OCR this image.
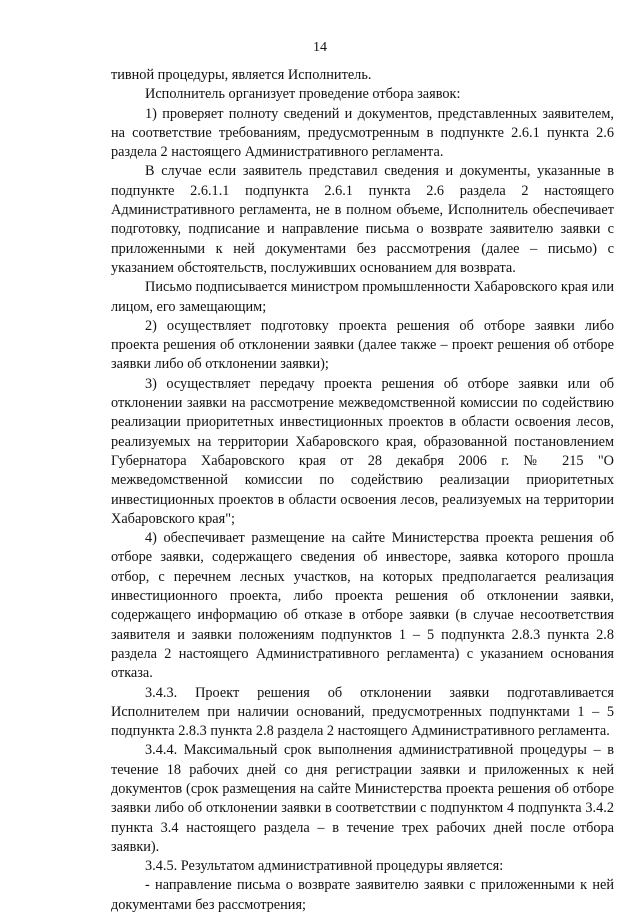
14

тивной процедуры, является Исполнитель.

Исполнитель организует проведение отбора заявок:

1) проверяет полноту сведений и документов, представленных заявителем, на соответствие требованиям, предусмотренным в подпункте 2.6.1 пункта 2.6 раздела 2 настоящего Административного регламента.

В случае если заявитель представил сведения и документы, указанные в подпункте 2.6.1.1 подпункта 2.6.1 пункта 2.6 раздела 2 настоящего Административного регламента, не в полном объеме, Исполнитель обеспечивает подготовку, подписание и направление письма о возврате заявителю заявки с приложенными к ней документами без рассмотрения (далее – письмо) с указанием обстоятельств, послуживших основанием для возврата.

Письмо подписывается министром промышленности Хабаровского края или лицом, его замещающим;

2) осуществляет подготовку проекта решения об отборе заявки либо проекта решения об отклонении заявки (далее также – проект решения об отборе заявки либо об отклонении заявки);

3) осуществляет передачу проекта решения об отборе заявки или об отклонении заявки на рассмотрение межведомственной комиссии по содействию реализации приоритетных инвестиционных проектов в области освоения лесов, реализуемых на территории Хабаровского края, образованной постановлением Губернатора Хабаровского края от 28 декабря 2006 г. № 215 "О межведомственной комиссии по содействию реализации приоритетных инвестиционных проектов в области освоения лесов, реализуемых на территории Хабаровского края";

4) обеспечивает размещение на сайте Министерства проекта решения об отборе заявки, содержащего сведения об инвесторе, заявка которого прошла отбор, с перечнем лесных участков, на которых предполагается реализация инвестиционного проекта, либо проекта решения об отклонении заявки, содержащего информацию об отказе в отборе заявки (в случае несоответствия заявителя и заявки положениям подпунктов 1 – 5 подпункта 2.8.3 пункта 2.8 раздела 2 настоящего Административного регламента) с указанием основания отказа.

3.4.3. Проект решения об отклонении заявки подготавливается Исполнителем при наличии оснований, предусмотренных подпунктами 1 – 5 подпункта 2.8.3 пункта 2.8 раздела 2 настоящего Административного регламента.

3.4.4. Максимальный срок выполнения административной процедуры – в течение 18 рабочих дней со дня регистрации заявки и приложенных к ней документов (срок размещения на сайте Министерства проекта решения об отборе заявки либо об отклонении заявки в соответствии с подпунктом 4 подпункта 3.4.2 пункта 3.4 настоящего раздела – в течение трех рабочих дней после отбора заявки).

3.4.5. Результатом административной процедуры является:

- направление письма о возврате заявителю заявки с приложенными к ней документами без рассмотрения;
